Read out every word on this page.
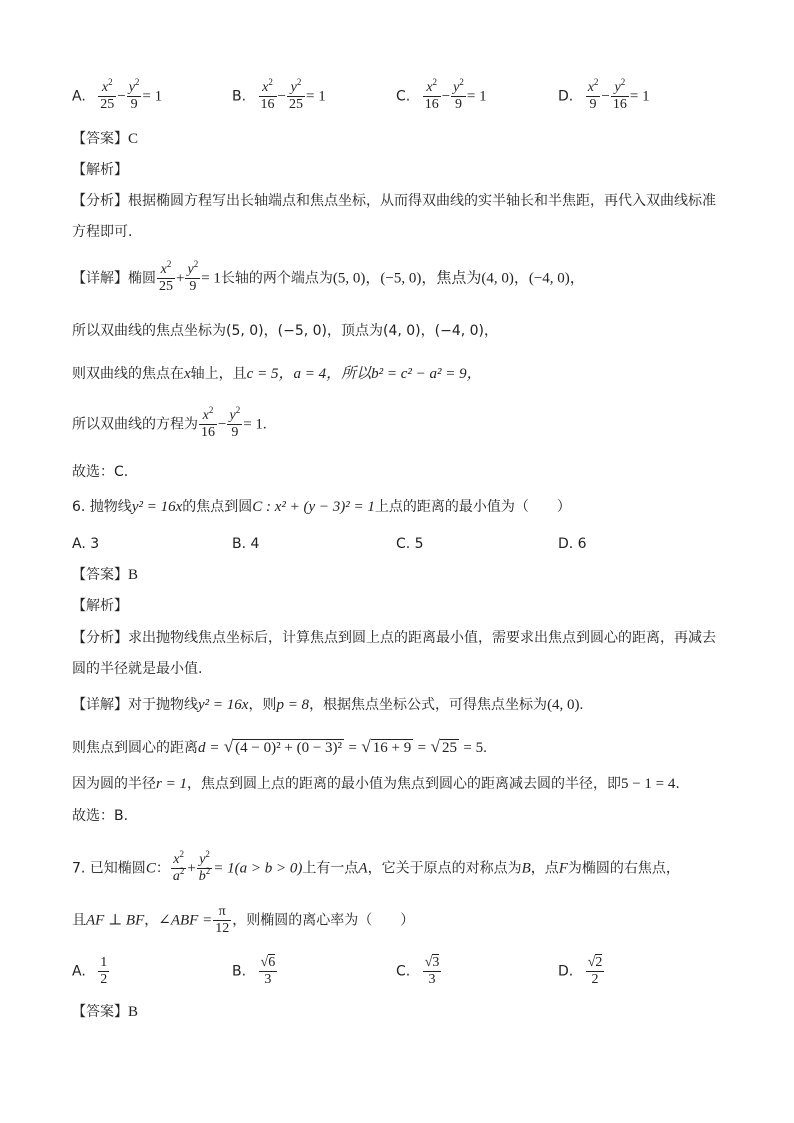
A. $\frac{x^2}{25} - \frac{y^2}{9} = 1$	B. $\frac{x^2}{16} - \frac{y^2}{25} = 1$	C. $\frac{x^2}{16} - \frac{y^2}{9} = 1$	D. $\frac{x^2}{9} - \frac{y^2}{16} = 1$
【答案】C
【解析】
【分析】根据椭圆方程写出长轴端点和焦点坐标，从而得双曲线的实半轴长和半焦距，再代入双曲线标准
方程即可.
【详解】椭圆 $\frac{x^2}{25} + \frac{y^2}{9} = 1$长轴的两个端点为(5, 0)，(−5, 0)，焦点为(4, 0)，(−4, 0)，
所以双曲线的焦点坐标为(5, 0)，(−5, 0)，顶点为(4, 0)，(−4, 0)，
则双曲线的焦点在x轴上，且c = 5，a = 4，所以b² = c² − a² = 9，
所以双曲线的方程为 $\frac{x^2}{16} - \frac{y^2}{9} = 1$.
故选：C.
6. 抛物线y² = 16x的焦点到圆C : x² + (y − 3)² = 1上点的距离的最小值为（　　）
A. 3	B. 4	C. 5	D. 6
【答案】B
【解析】
【分析】求出抛物线焦点坐标后，计算焦点到圆上点的距离最小值，需要求出焦点到圆心的距离，再减去
圆的半径就是最小值.
【详解】对于抛物线y² = 16x，则p = 8，根据焦点坐标公式，可得焦点坐标为(4, 0).
则焦点到圆心的距离d = √ (4 − 0)² + (0 − 3)² = √ 16 + 9 = √ 25 = 5.
因为圆的半径r = 1，焦点到圆上点的距离的最小值为焦点到圆心的距离减去圆的半径，即5 − 1 = 4.
故选：B.
7. 已知椭圆C： $\frac{x^2}{a^2} + \frac{y^2}{b^2} = 1(a > b > 0)$上有一点A，它关于原点的对称点为B，点F为椭圆的右焦点，
且AF ⊥ BF，∠ABF = $\frac{\pi}{12}$ ，则椭圆的离心率为（　　）
A. $\frac{1}{2}$	B. $\frac{√6}{3}$	C. $\frac{√3}{3}$	D. $\frac{√2}{2}$
【答案】B
